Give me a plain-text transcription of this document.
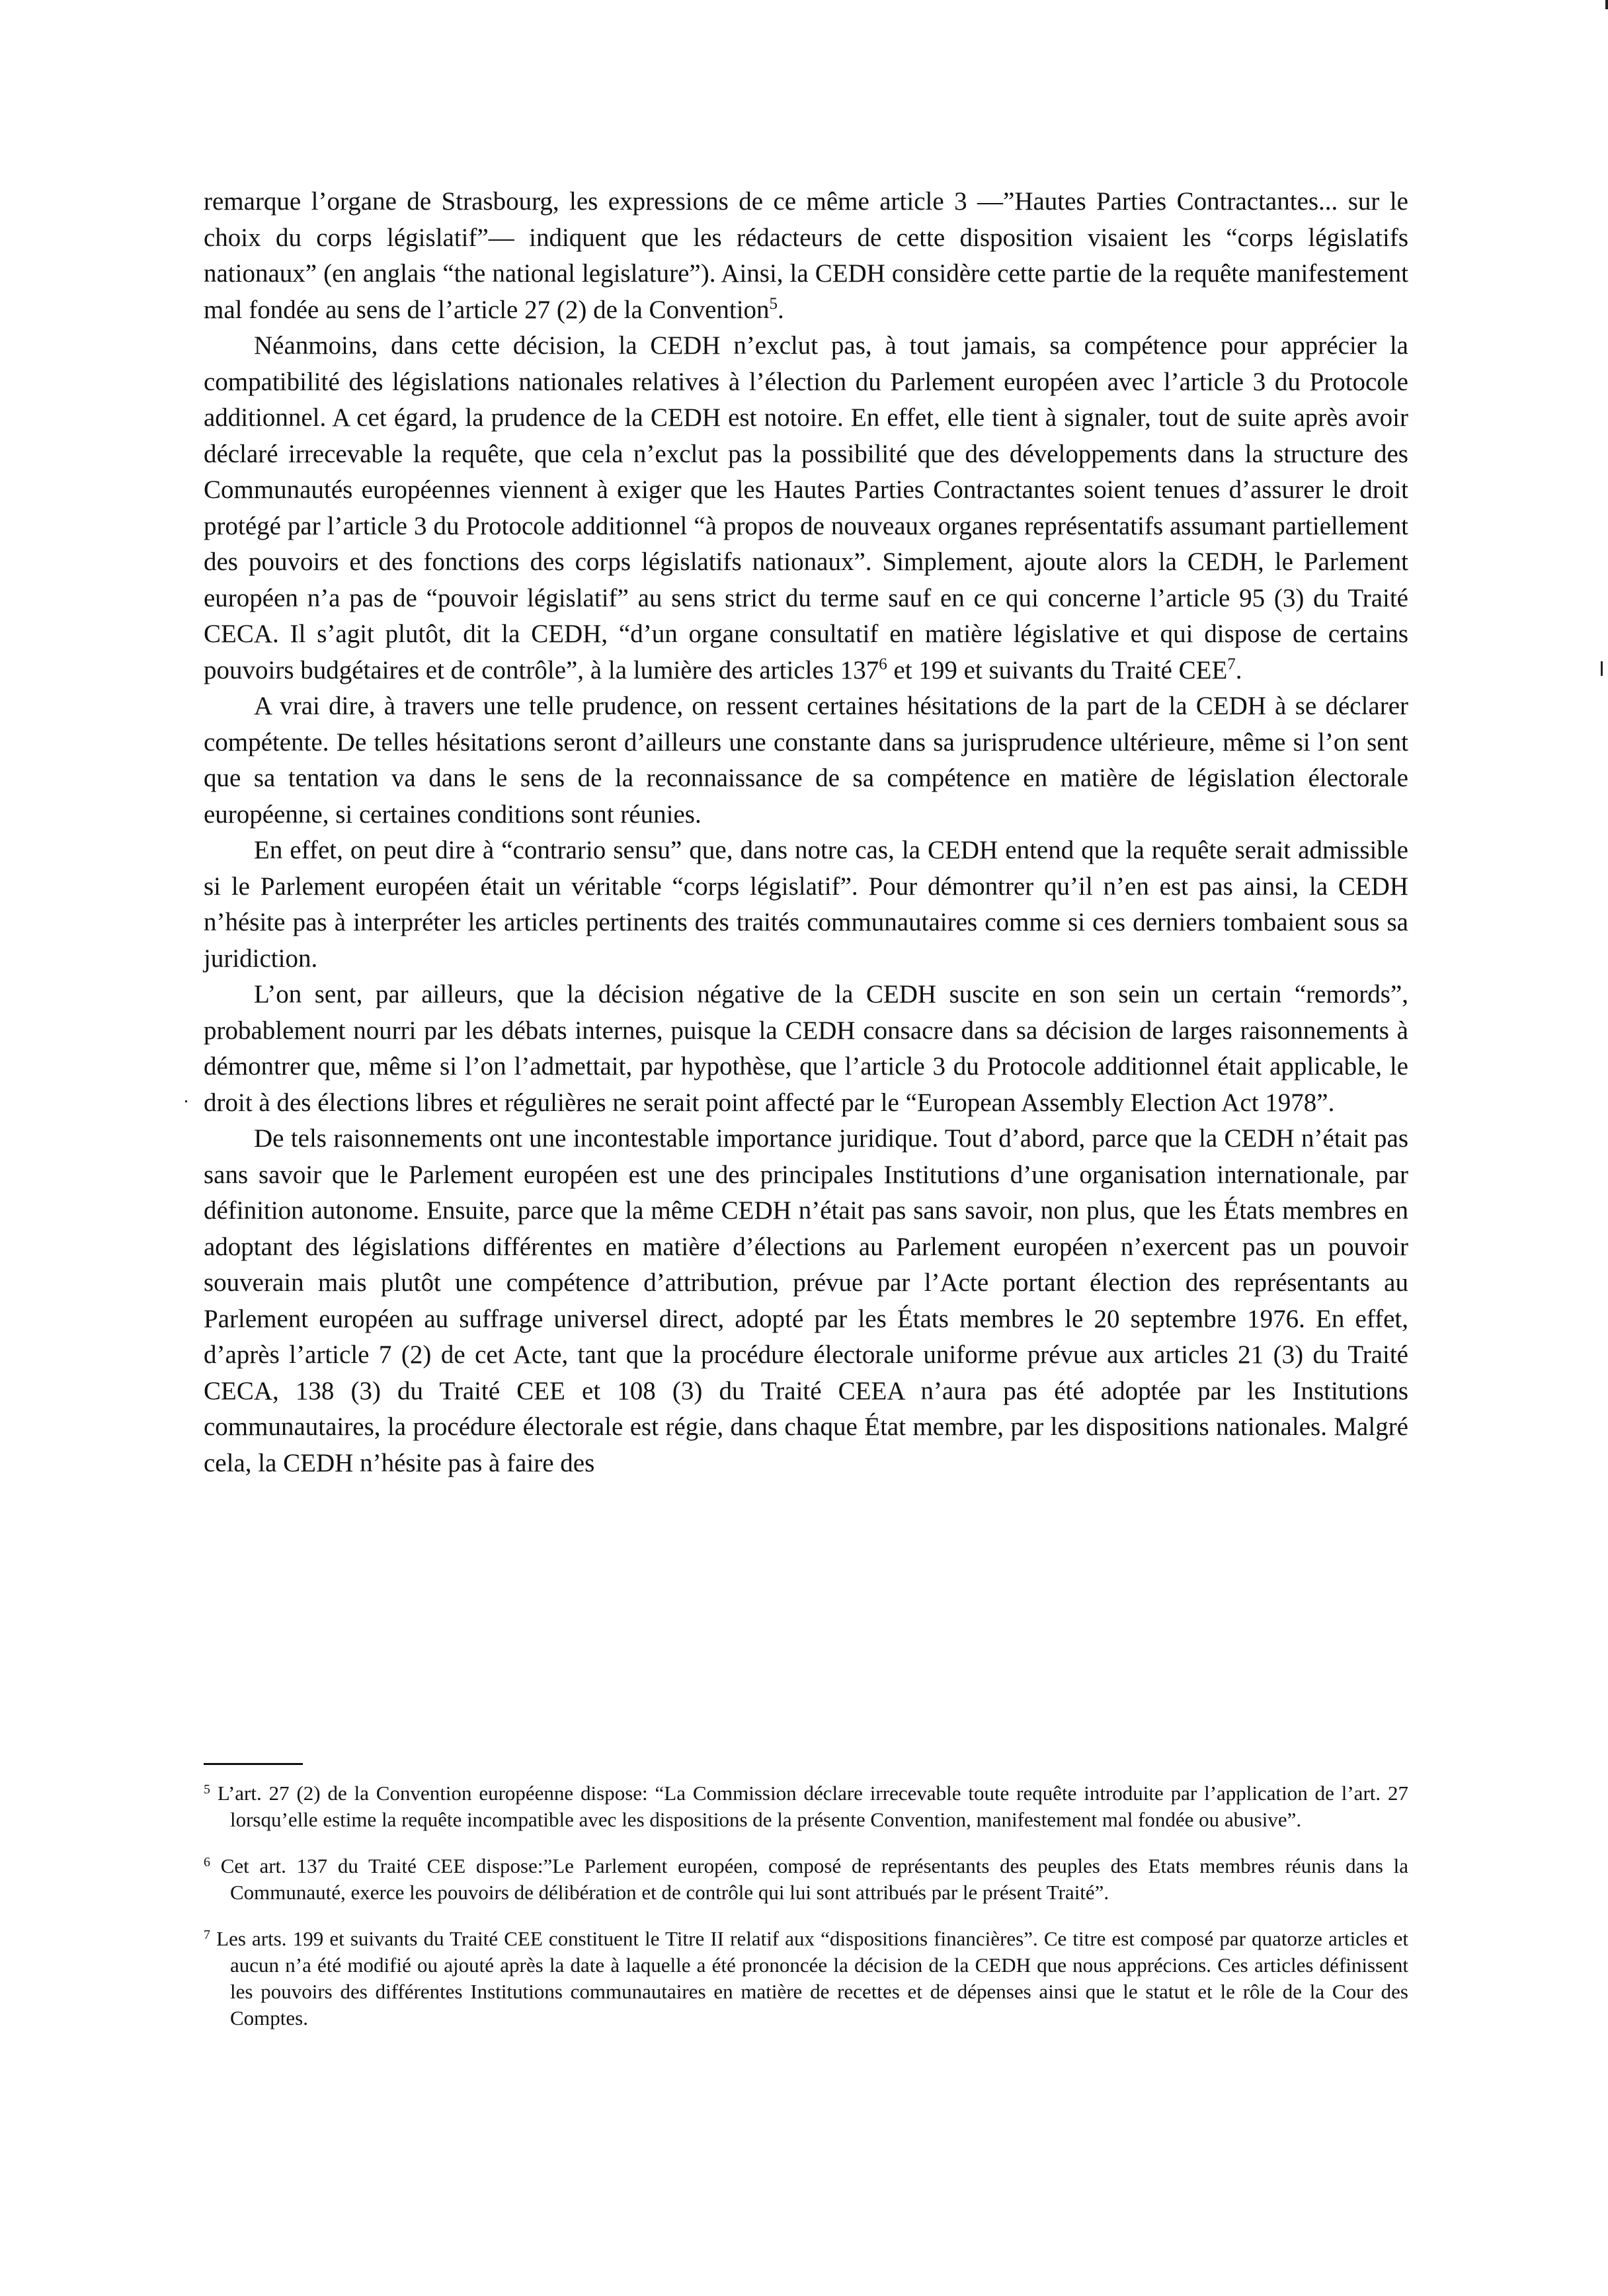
remarque l’organe de Strasbourg, les expressions de ce même article 3 —”Hautes Parties Contractantes... sur le choix du corps législatif”— indiquent que les rédacteurs de cette disposition visaient les “corps législatifs nationaux” (en anglais “the national legislature”). Ainsi, la CEDH considère cette partie de la requête manifestement mal fondée au sens de l’article 27 (2) de la Convention$^5$.

Néanmoins, dans cette décision, la CEDH n’exclut pas, à tout jamais, sa compétence pour apprécier la compatibilité des législations nationales relatives à l’élection du Parlement européen avec l’article 3 du Protocole additionnel. A cet égard, la prudence de la CEDH est notoire. En effet, elle tient à signaler, tout de suite après avoir déclaré irrecevable la requête, que cela n’exclut pas la possibilité que des développements dans la structure des Communautés européennes viennent à exiger que les Hautes Parties Contractantes soient tenues d’assurer le droit protégé par l’article 3 du Protocole additionnel “à propos de nouveaux organes représentatifs assumant partiellement des pouvoirs et des fonctions des corps législatifs nationaux”. Simplement, ajoute alors la CEDH, le Parlement européen n’a pas de “pouvoir législatif” au sens strict du terme sauf en ce qui concerne l’article 95 (3) du Traité CECA. Il s’agit plutôt, dit la CEDH, “d’un organe consultatif en matière législative et qui dispose de certains pouvoirs budgétaires et de contrôle”, à la lumière des articles 137$^6$ et 199 et suivants du Traité CEE$^7$.

A vrai dire, à travers une telle prudence, on ressent certaines hésitations de la part de la CEDH à se déclarer compétente. De telles hésitations seront d’ailleurs une constante dans sa jurisprudence ultérieure, même si l’on sent que sa tentation va dans le sens de la reconnaissance de sa compétence en matière de législation électorale européenne, si certaines conditions sont réunies.

En effet, on peut dire à “contrario sensu” que, dans notre cas, la CEDH entend que la requête serait admissible si le Parlement européen était un véritable “corps législatif”. Pour démontrer qu’il n’en est pas ainsi, la CEDH n’hésite pas à interpréter les articles pertinents des traités communautaires comme si ces derniers tombaient sous sa juridiction.

L’on sent, par ailleurs, que la décision négative de la CEDH suscite en son sein un certain “remords”, probablement nourri par les débats internes, puisque la CEDH consacre dans sa décision de larges raisonnements à démontrer que, même si l’on l’admettait, par hypothèse, que l’article 3 du Protocole additionnel était applicable, le droit à des élections libres et régulières ne serait point affecté par le “European Assembly Election Act 1978”.

De tels raisonnements ont une incontestable importance juridique. Tout d’abord, parce que la CEDH n’était pas sans savoir que le Parlement européen est une des principales Institutions d’une organisation internationale, par définition autonome. Ensuite, parce que la même CEDH n’était pas sans savoir, non plus, que les États membres en adoptant des législations différentes en matière d’élections au Parlement européen n’exercent pas un pouvoir souverain mais plutôt une compétence d’attribution, prévue par l’Acte portant élection des représentants au Parlement européen au suffrage universel direct, adopté par les États membres le 20 septembre 1976. En effet, d’après l’article 7 (2) de cet Acte, tant que la procédure électorale uniforme prévue aux articles 21 (3) du Traité CECA, 138 (3) du Traité CEE et 108 (3) du Traité CEEA n’aura pas été adoptée par les Institutions communautaires, la procédure électorale est régie, dans chaque État membre, par les dispositions nationales. Malgré cela, la CEDH n’hésite pas à faire des

$^5$ L’art. 27 (2) de la Convention européenne dispose: “La Commission déclare irrecevable toute requête introduite par l’application de l’art. 27 lorsqu’elle estime la requête incompatible avec les dispositions de la présente Convention, manifestement mal fondée ou abusive”.

$^6$ Cet art. 137 du Traité CEE dispose:”Le Parlement européen, composé de représentants des peuples des Etats membres réunis dans la Communauté, exerce les pouvoirs de délibération et de contrôle qui lui sont attribués par le présent Traité”.

$^7$ Les arts. 199 et suivants du Traité CEE constituent le Titre II relatif aux “dispositions financières”. Ce titre est composé par quatorze articles et aucun n’a été modifié ou ajouté après la date à laquelle a été prononcée la décision de la CEDH que nous apprécions. Ces articles définissent les pouvoirs des différentes Institutions communautaires en matière de recettes et de dépenses ainsi que le statut et le rôle de la Cour des Comptes.
